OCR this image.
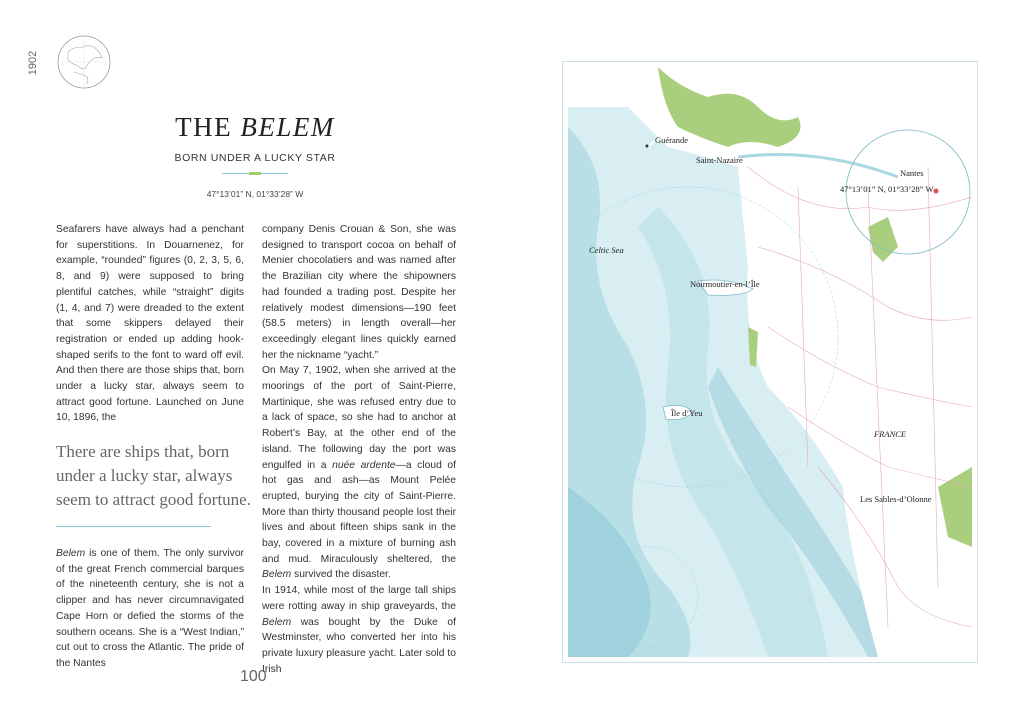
1902
THE BELEM
BORN UNDER A LUCKY STAR
47°13’01” N, 01°33’28” W

Seafarers have always had a penchant for superstitions. In Douarnenez, for example, “rounded” figures (0, 2, 3, 5, 6, 8, and 9) were supposed to bring plentiful catches, while “straight” digits (1, 4, and 7) were dreaded to the extent that some skippers delayed their registration or ended up adding hook-shaped serifs to the font to ward off evil. And then there are those ships that, born under a lucky star, always seem to attract good fortune. Launched on June 10, 1896, the

There are ships that, born under a lucky star, always seem to attract good fortune.

Belem is one of them. The only survivor of the great French commercial barques of the nineteenth century, she is not a clipper and has never circumnavigated Cape Horn or defied the storms of the southern oceans. She is a “West Indian,” cut out to cross the Atlantic. The pride of the Nantes

company Denis Crouan & Son, she was designed to transport cocoa on behalf of Menier chocolatiers and was named after the Brazilian city where the shipowners had founded a trading post. Despite her relatively modest dimensions—190 feet (58.5 meters) in length overall—her exceedingly elegant lines quickly earned her the nickname “yacht.”

On May 7, 1902, when she arrived at the moorings of the port of Saint-Pierre, Martinique, she was refused entry due to a lack of space, so she had to anchor at Robert’s Bay, at the other end of the island. The following day the port was engulfed in a nuée ardente—a cloud of hot gas and ash—as Mount Pelée erupted, burying the city of Saint-Pierre. More than thirty thousand people lost their lives and about fifteen ships sank in the bay, covered in a mixture of burning ash and mud. Miraculously sheltered, the Belem survived the disaster.

In 1914, while most of the large tall ships were rotting away in ship graveyards, the Belem was bought by the Duke of Westminster, who converted her into his private luxury pleasure yacht. Later sold to Irish

100
Guérande
Saint-Nazaire
Nantes
47°13’01” N, 01°33’28” W
Celtic Sea
Noirmoutier-en-l’Île
Île d’Yeu
FRANCE
Les Sables-d’Olonne
